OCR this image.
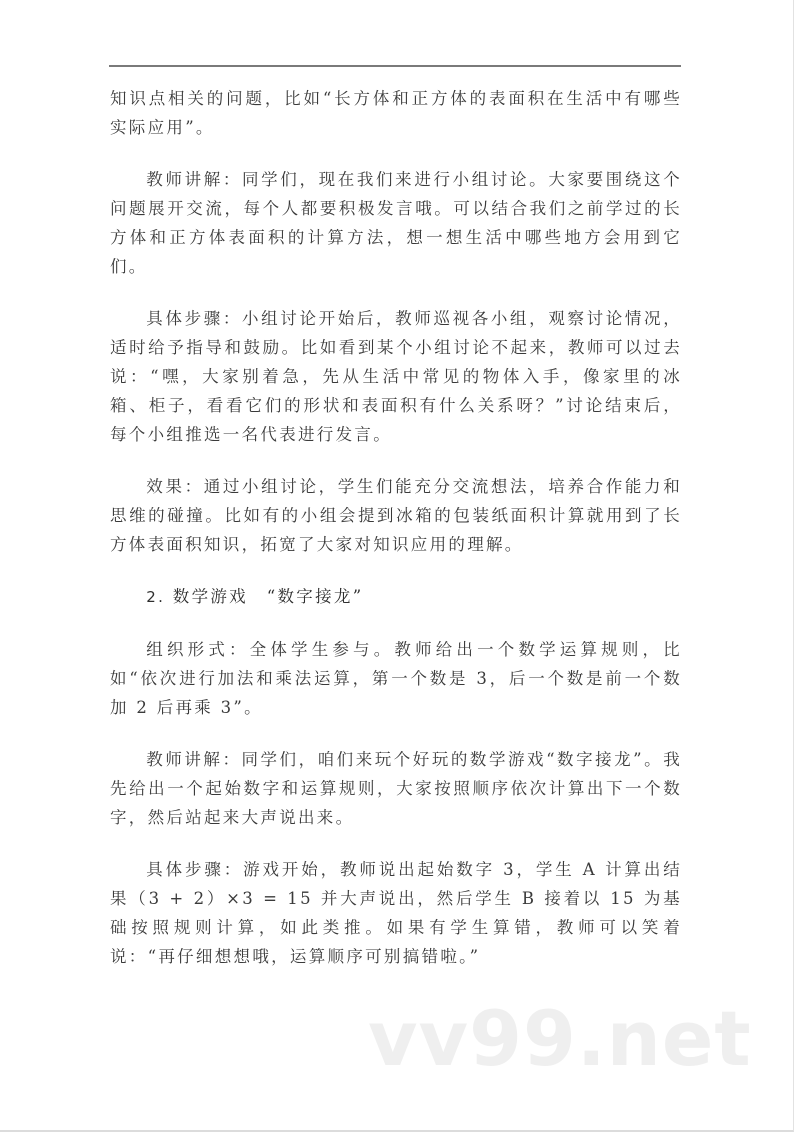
知识点相关的问题，比如“长方体和正方体的表面积在生活中有哪些实际应用”。

教师讲解：同学们，现在我们来进行小组讨论。大家要围绕这个问题展开交流，每个人都要积极发言哦。可以结合我们之前学过的长方体和正方体表面积的计算方法，想一想生活中哪些地方会用到它们。

具体步骤：小组讨论开始后，教师巡视各小组，观察讨论情况，适时给予指导和鼓励。比如看到某个小组讨论不起来，教师可以过去说：“嘿，大家别着急，先从生活中常见的物体入手，像家里的冰箱、柜子，看看它们的形状和表面积有什么关系呀？”讨论结束后，每个小组推选一名代表进行发言。

效果：通过小组讨论，学生们能充分交流想法，培养合作能力和思维的碰撞。比如有的小组会提到冰箱的包装纸面积计算就用到了长方体表面积知识，拓宽了大家对知识应用的理解。

2. 数学游戏　“数字接龙”

组织形式：全体学生参与。教师给出一个数学运算规则，比如“依次进行加法和乘法运算，第一个数是 3，后一个数是前一个数加 2 后再乘 3”。

教师讲解：同学们，咱们来玩个好玩的数学游戏“数字接龙”。我先给出一个起始数字和运算规则，大家按照顺序依次计算出下一个数字，然后站起来大声说出来。

具体步骤：游戏开始，教师说出起始数字 3，学生 A 计算出结果（3 + 2）×3 = 15 并大声说出，然后学生 B 接着以 15 为基础按照规则计算，如此类推。如果有学生算错，教师可以笑着说：“再仔细想想哦，运算顺序可别搞错啦。”

vv99.net
